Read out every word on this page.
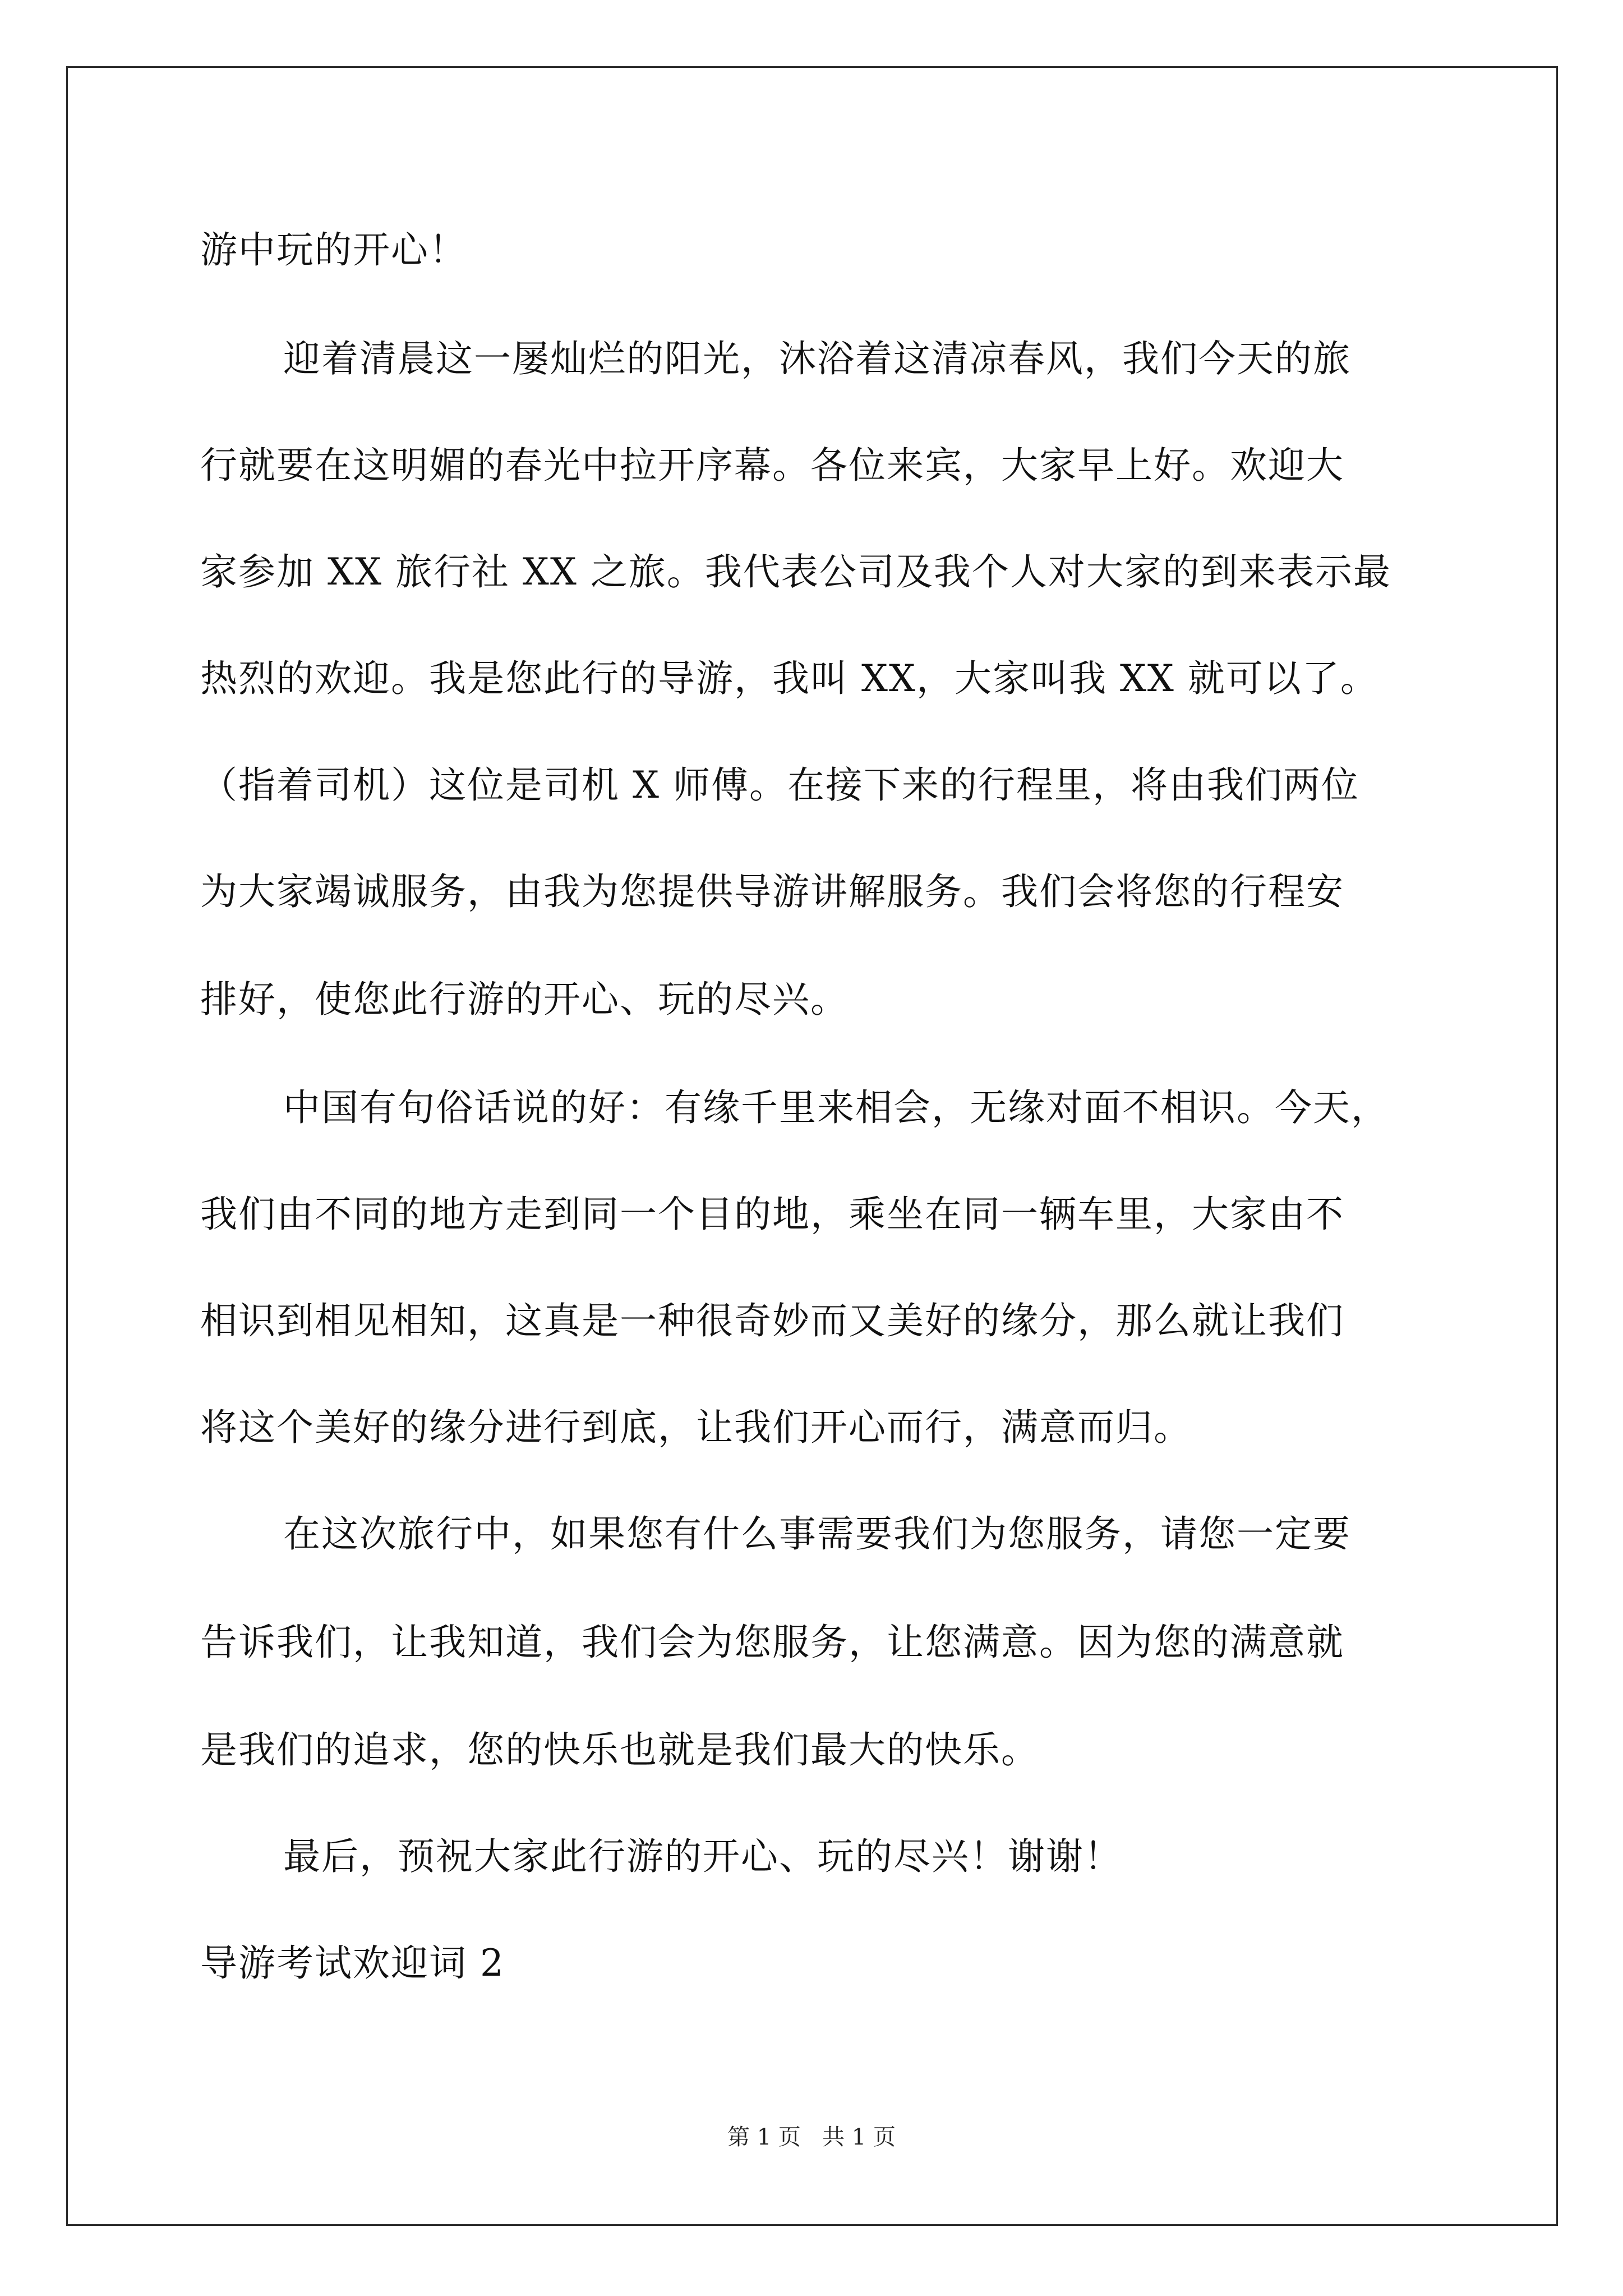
游中玩的开心！
迎着清晨这一屡灿烂的阳光，沐浴着这清凉春风，我们今天的旅
行就要在这明媚的春光中拉开序幕。各位来宾，大家早上好。欢迎大
家参加 XX 旅行社 XX 之旅。我代表公司及我个人对大家的到来表示最
热烈的欢迎。我是您此行的导游，我叫 XX，大家叫我 XX 就可以了。
（指着司机）这位是司机 X 师傅。在接下来的行程里，将由我们两位
为大家竭诚服务，由我为您提供导游讲解服务。我们会将您的行程安
排好，使您此行游的开心、玩的尽兴。
中国有句俗话说的好：有缘千里来相会，无缘对面不相识。今天，
我们由不同的地方走到同一个目的地，乘坐在同一辆车里，大家由不
相识到相见相知，这真是一种很奇妙而又美好的缘分，那么就让我们
将这个美好的缘分进行到底，让我们开心而行，满意而归。
在这次旅行中，如果您有什么事需要我们为您服务，请您一定要
告诉我们，让我知道，我们会为您服务，让您满意。因为您的满意就
是我们的追求，您的快乐也就是我们最大的快乐。
最后，预祝大家此行游的开心、玩的尽兴！谢谢！
导游考试欢迎词 2
第 1 页   共 1 页
